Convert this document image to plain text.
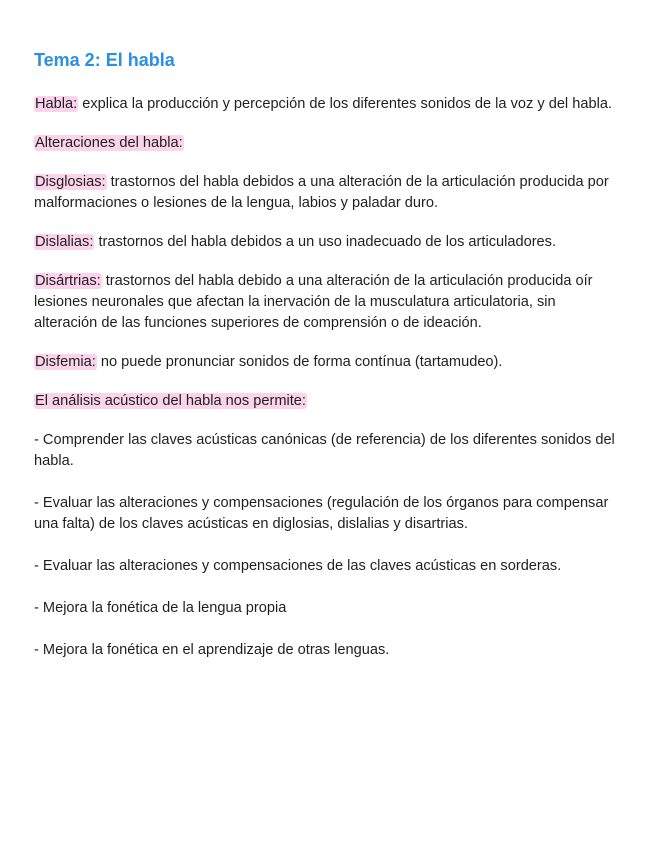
Tema 2: El habla

Habla: explica la producción y percepción de los diferentes sonidos de la voz y del habla.

Alteraciones del habla:

Disglosias: trastornos del habla debidos a una alteración de la articulación producida por malformaciones o lesiones de la lengua, labios y paladar duro.

Dislalias: trastornos del habla debidos a un uso inadecuado de los articuladores.

Disártrias: trastornos del habla debido a una alteración de la articulación producida oír lesiones neuronales que afectan la inervación de la musculatura articulatoria, sin alteración de las funciones superiores de comprensión o de ideación.

Disfemia: no puede pronunciar sonidos de forma contínua (tartamudeo).

El análisis acústico del habla nos permite:

- Comprender las claves acústicas canónicas (de referencia) de los diferentes sonidos del habla.

- Evaluar las alteraciones y compensaciones (regulación de los órganos para compensar una falta) de los claves acústicas en diglosias, dislalias y disartrias.

- Evaluar las alteraciones y compensaciones de las claves acústicas en sorderas.

- Mejora la fonética de la lengua propia

- Mejora la fonética en el aprendizaje de otras lenguas.
